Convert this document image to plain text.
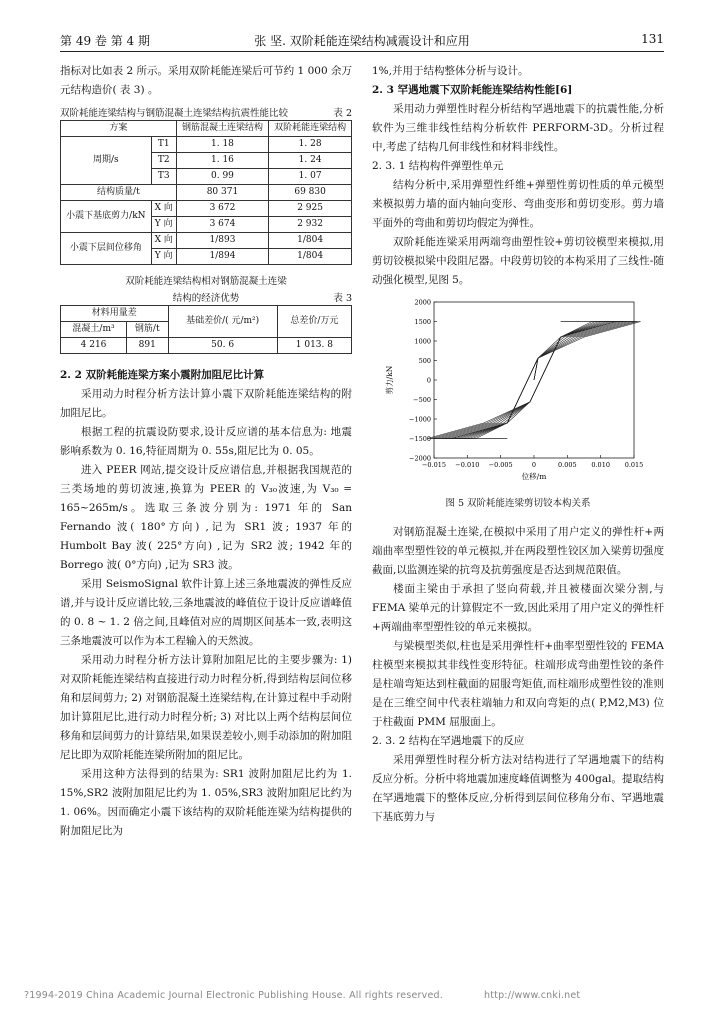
第 49 卷 第 4 期	张 坚. 双阶耗能连梁结构减震设计和应用	131

指标对比如表 2 所示。采用双阶耗能连梁后可节约 1 000 余万元结构造价( 表 3) 。

双阶耗能连梁结构与钢筋混凝土连梁结构抗震性能比较	表 2
方案		钢筋混凝土连梁结构	双阶耗能连梁结构
周期/s	T1	1. 18	1. 28
	T2	1. 16	1. 24
	T3	0. 99	1. 07
结构质量/t		80 371	69 830
小震下基底剪力/kN	X 向	3 672	2 925
	Y 向	3 674	2 932
小震下层间位移角	X 向	1/893	1/804
	Y 向	1/894	1/804
双阶耗能连梁结构相对钢筋混凝土连梁
结构的经济优势	表 3
材料用量差		基础差价/( 元/m²)	总差价/万元
混凝土/m³	钢筋/t		
4 216	891	50. 6	1 013. 8

2. 2 双阶耗能连梁方案小震附加阻尼比计算

采用动力时程分析方法计算小震下双阶耗能连梁结构的附加阻尼比。

根据工程的抗震设防要求,设计反应谱的基本信息为: 地震影响系数为 0. 16,特征周期为 0. 55s,阻尼比为 0. 05。

进入 PEER 网站,提交设计反应谱信息,并根据我国规范的三类场地的剪切波速,换算为 PEER 的 V₃₀波速,为 V₃₀ = 165~265m/s。选取三条波分别为: 1971 年的 San Fernando 波( 180°方向) ,记为 SR1 波; 1937 年的 Humbolt Bay 波( 225°方向) ,记为 SR2 波; 1942 年的 Borrego 波( 0°方向) ,记为 SR3 波。

采用 SeismoSignal 软件计算上述三条地震波的弹性反应谱,并与设计反应谱比较,三条地震波的峰值位于设计反应谱峰值的 0. 8 ~ 1. 2 倍之间,且峰值对应的周期区间基本一致,表明这三条地震波可以作为本工程输入的天然波。

采用动力时程分析方法计算附加阻尼比的主要步骤为: 1) 对双阶耗能连梁结构直接进行动力时程分析,得到结构层间位移角和层间剪力; 2) 对钢筋混凝土连梁结构,在计算过程中手动附加计算阻尼比,进行动力时程分析; 3) 对比以上两个结构层间位移角和层间剪力的计算结果,如果误差较小,则手动添加的附加阻尼比即为双阶耗能连梁所附加的阻尼比。

采用这种方法得到的结果为: SR1 波附加阻尼比约为 1. 15%,SR2 波附加阻尼比约为 1. 05%,SR3 波附加阻尼比约为 1. 06%。因而确定小震下该结构的双阶耗能连梁为结构提供的附加阻尼比为

1%,并用于结构整体分析与设计。

2. 3 罕遇地震下双阶耗能连梁结构性能[6]

采用动力弹塑性时程分析结构罕遇地震下的抗震性能,分析软件为三维非线性结构分析软件 PERFORM-3D。分析过程中,考虑了结构几何非线性和材料非线性。

2. 3. 1 结构构件弹塑性单元

结构分析中,采用弹塑性纤维+弹塑性剪切性质的单元模型来模拟剪力墙的面内轴向变形、弯曲变形和剪切变形。剪力墙平面外的弯曲和剪切均假定为弹性。

双阶耗能连梁采用两端弯曲塑性铰+剪切铰模型来模拟,用剪切铰模拟梁中段阻尼器。中段剪切铰的本构采用了三线性-随动强化模型,见图 5。

−2000
−1500
−1000
−500
0
500
1000
1500
2000
−0.015 −0.010 −0.005	0	0.005 0.010 0.015
剪力/kN
位移/m
图 5 双阶耗能连梁剪切铰本构关系

对钢筋混凝土连梁,在模拟中采用了用户定义的弹性杆+两端曲率型塑性铰的单元模拟,并在两段塑性铰区加入梁剪切强度截面,以监测连梁的抗弯及抗剪强度是否达到规范限值。

楼面主梁由于承担了竖向荷载,并且被楼面次梁分割,与 FEMA 梁单元的计算假定不一致,因此采用了用户定义的弹性杆+两端曲率型塑性铰的单元来模拟。

与梁模型类似,柱也是采用弹性杆+曲率型塑性铰的 FEMA 柱模型来模拟其非线性变形特征。柱端形成弯曲塑性铰的条件是柱端弯矩达到柱截面的屈服弯矩值,而柱端形成塑性铰的准则是在三维空间中代表柱端轴力和双向弯矩的点( P,M2,M3) 位于柱截面 PMM 屈服面上。

2. 3. 2 结构在罕遇地震下的反应

采用弹塑性时程分析方法对结构进行了罕遇地震下的结构反应分析。分析中将地震加速度峰值调整为 400gal。提取结构在罕遇地震下的整体反应,分析得到层间位移角分布、罕遇地震下基底剪力与

?1994-2019 China Academic Journal Electronic Publishing House. All rights reserved.	http://www.cnki.net
